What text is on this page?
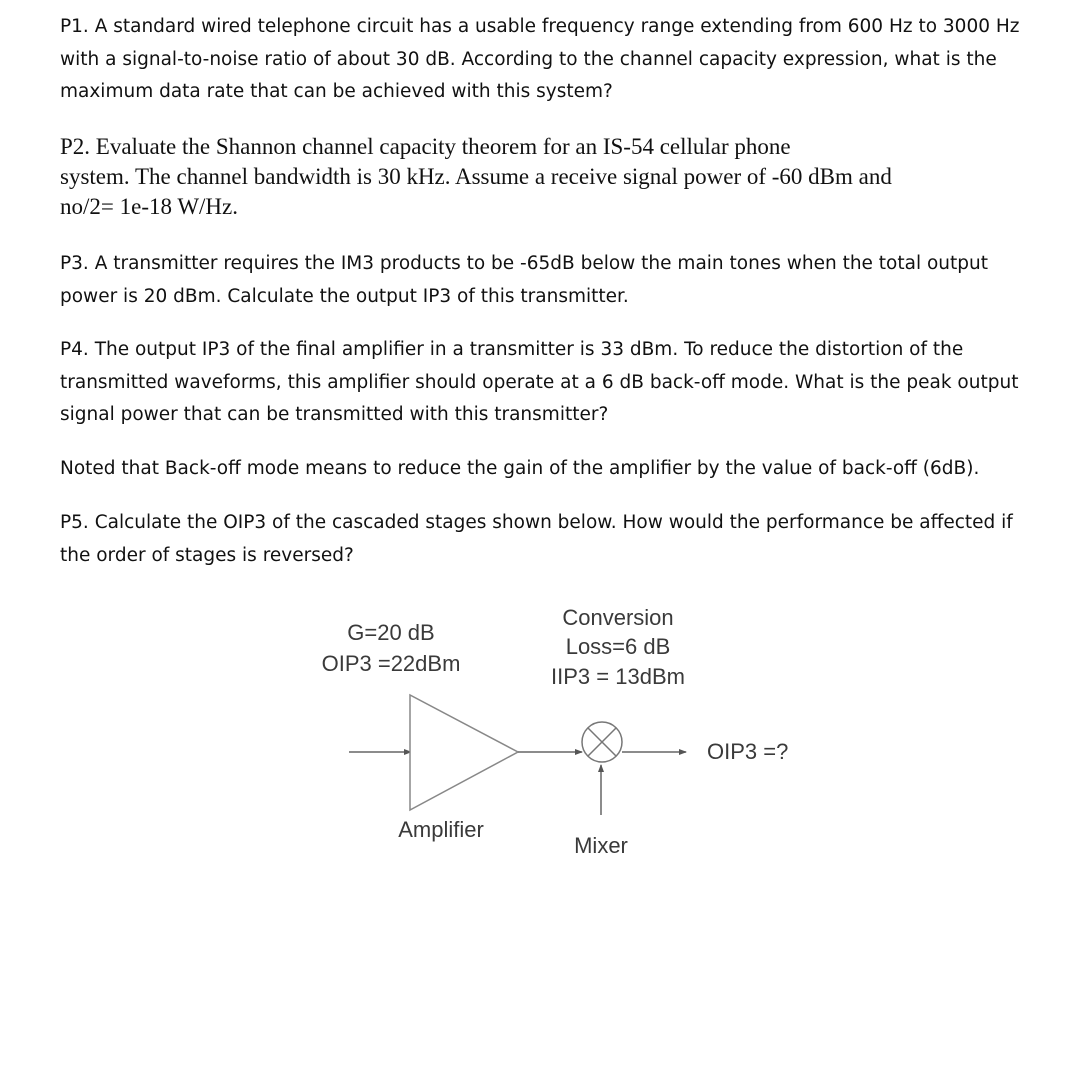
P1. A standard wired telephone circuit has a usable frequency range extending from 600 Hz to 3000 Hz
with a signal-to-noise ratio of about 30 dB. According to the channel capacity expression, what is the
maximum data rate that can be achieved with this system?

P2. Evaluate the Shannon channel capacity theorem for an IS-54 cellular phone
system. The channel bandwidth is 30 kHz. Assume a receive signal power of -60 dBm and
no/2= 1e-18 W/Hz.

P3. A transmitter requires the IM3 products to be -65dB below the main tones when the total output
power is 20 dBm. Calculate the output IP3 of this transmitter.

P4. The output IP3 of the final amplifier in a transmitter is 33 dBm. To reduce the distortion of the
transmitted waveforms, this amplifier should operate at a 6 dB back-off mode. What is the peak output
signal power that can be transmitted with this transmitter?

Noted that Back-off mode means to reduce the gain of the amplifier by the value of back-off (6dB).

P5. Calculate the OIP3 of the cascaded stages shown below. How would the performance be affected if
the order of stages is reversed?

G=20 dB
OIP3 =22dBm
Conversion
Loss=6 dB
IIP3 = 13dBm
OIP3 =?
Amplifier
Mixer
